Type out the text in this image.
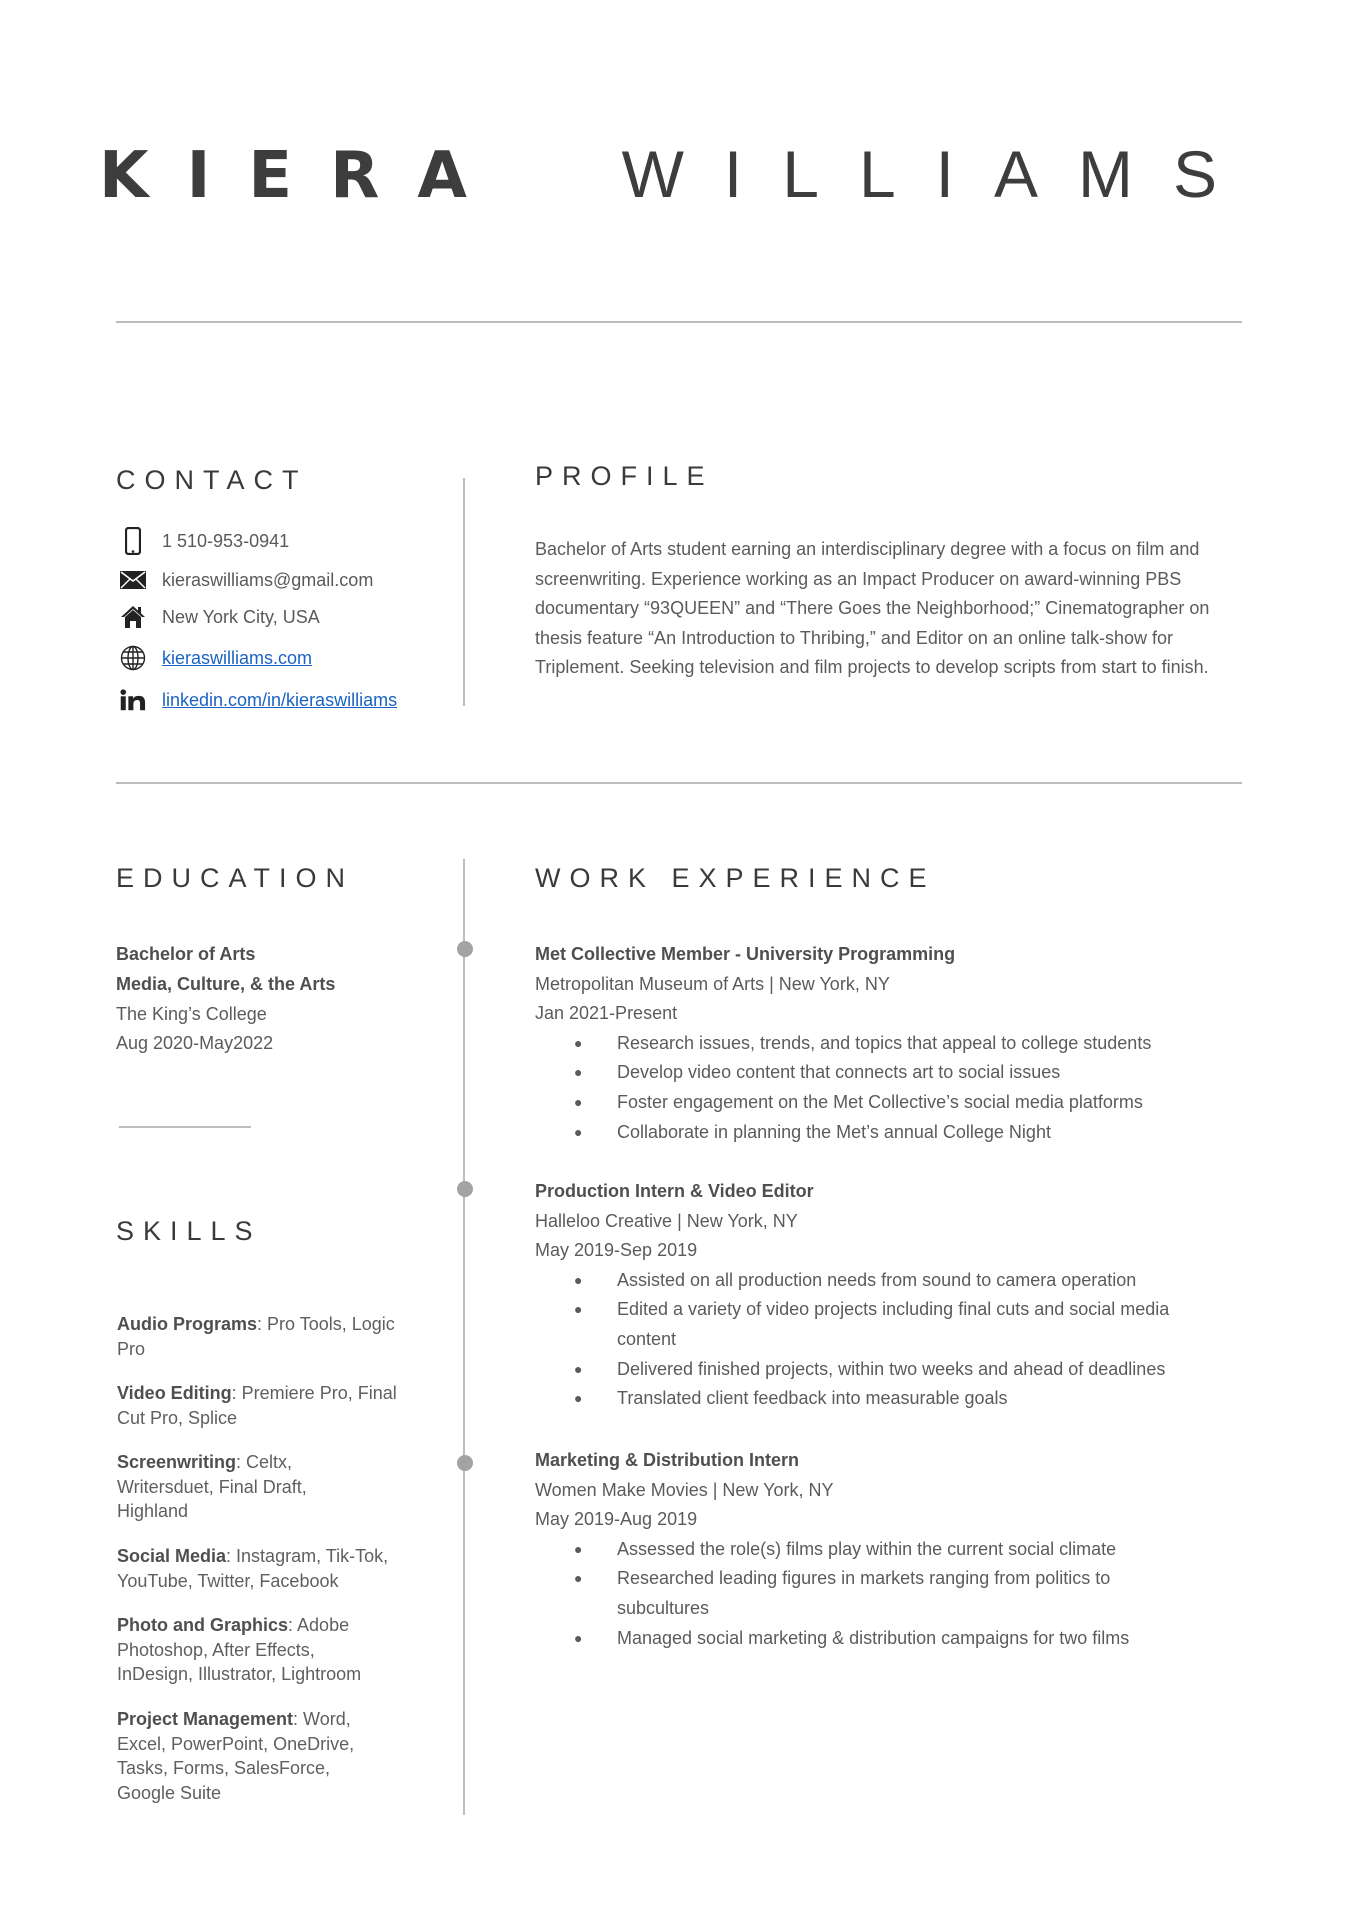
KIERA WILLIAMS
CONTACT
1 510-953-0941
kieraswilliams@gmail.com
New York City, USA
kieraswilliams.com
linkedin.com/in/kieraswilliams
PROFILE
Bachelor of Arts student earning an interdisciplinary degree with a focus on film and screenwriting. Experience working as an Impact Producer on award-winning PBS documentary “93QUEEN” and “There Goes the Neighborhood;” Cinematographer on thesis feature “An Introduction to Thribing,” and Editor on an online talk-show for Triplement. Seeking television and film projects to develop scripts from start to finish.
EDUCATION
Bachelor of Arts
Media, Culture, & the Arts
The King’s College
Aug 2020-May2022
SKILLS
Audio Programs: Pro Tools, Logic Pro
Video Editing: Premiere Pro, Final Cut Pro, Splice
Screenwriting: Celtx, Writersduet, Final Draft, Highland
Social Media: Instagram, Tik-Tok, YouTube, Twitter, Facebook
Photo and Graphics: Adobe Photoshop, After Effects, InDesign, Illustrator, Lightroom
Project Management: Word, Excel, PowerPoint, OneDrive, Tasks, Forms, SalesForce, Google Suite
WORK EXPERIENCE
Met Collective Member - University Programming
Metropolitan Museum of Arts | New York, NY
Jan 2021-Present
● Research issues, trends, and topics that appeal to college students
● Develop video content that connects art to social issues
● Foster engagement on the Met Collective’s social media platforms
● Collaborate in planning the Met’s annual College Night
Production Intern & Video Editor
Halleloo Creative | New York, NY
May 2019-Sep 2019
● Assisted on all production needs from sound to camera operation
● Edited a variety of video projects including final cuts and social media content
● Delivered finished projects, within two weeks and ahead of deadlines
● Translated client feedback into measurable goals
Marketing & Distribution Intern
Women Make Movies | New York, NY
May 2019-Aug 2019
● Assessed the role(s) films play within the current social climate
● Researched leading figures in markets ranging from politics to subcultures
● Managed social marketing & distribution campaigns for two films
